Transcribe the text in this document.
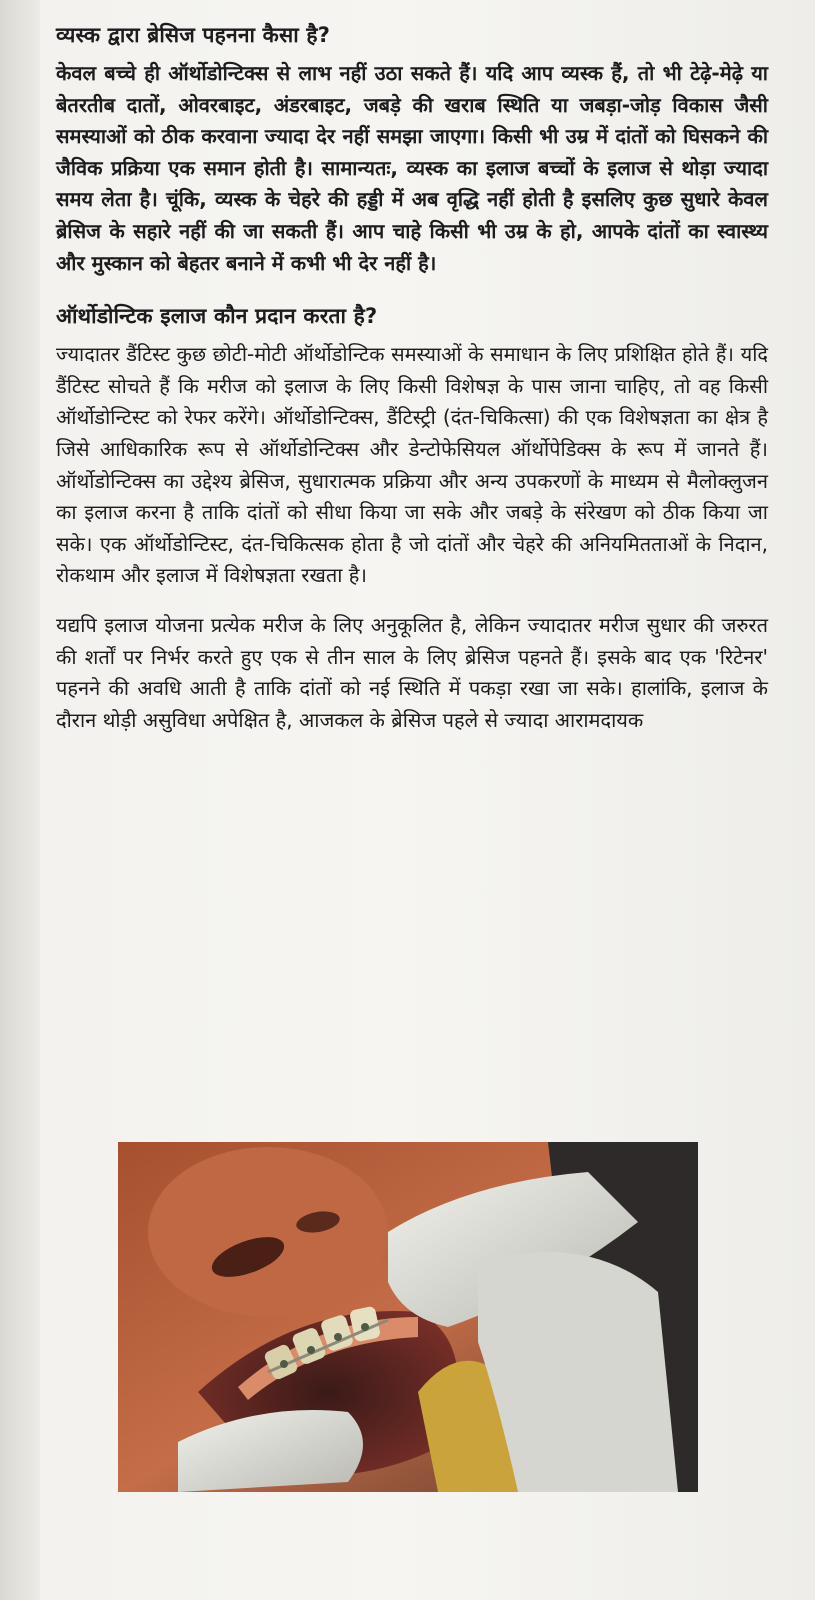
व्यस्क द्वारा ब्रेसिज पहनना कैसा है?

केवल बच्चे ही ऑर्थोडोन्टिक्स से लाभ नहीं उठा सकते हैं। यदि आप व्यस्क हैं, तो भी टेढ़े-मेढ़े या बेतरतीब दातों, ओवरबाइट, अंडरबाइट, जबड़े की खराब स्थिति या जबड़ा-जोड़ विकास जैसी समस्याओं को ठीक करवाना ज्यादा देर नहीं समझा जाएगा। किसी भी उम्र में दांतों को घिसकने की जैविक प्रक्रिया एक समान होती है। सामान्यतः, व्यस्क का इलाज बच्चों के इलाज से थोड़ा ज्यादा समय लेता है। चूंकि, व्यस्क के चेहरे की हड्डी में अब वृद्धि नहीं होती है इसलिए कुछ सुधारे केवल ब्रेसिज के सहारे नहीं की जा सकती हैं। आप चाहे किसी भी उम्र के हो, आपके दांतों का स्वास्थ्य और मुस्कान को बेहतर बनाने में कभी भी देर नहीं है।

ऑर्थोडोन्टिक इलाज कौन प्रदान करता है?

ज्यादातर डैंटिस्ट कुछ छोटी-मोटी ऑर्थोडोन्टिक समस्याओं के समाधान के लिए प्रशिक्षित होते हैं। यदि डैंटिस्ट सोचते हैं कि मरीज को इलाज के लिए किसी विशेषज्ञ के पास जाना चाहिए, तो वह किसी ऑर्थोडोन्टिस्ट को रेफर करेंगे। ऑर्थोडोन्टिक्स, डैंटिस्ट्री (दंत-चिकित्सा) की एक विशेषज्ञता का क्षेत्र है जिसे आधिकारिक रूप से ऑर्थोडोन्टिक्स और डेन्टोफेसियल ऑर्थोपेडिक्स के रूप में जानते हैं। ऑर्थोडोन्टिक्स का उद्देश्य ब्रेसिज, सुधारात्मक प्रक्रिया और अन्य उपकरणों के माध्यम से मैलोक्लुजन का इलाज करना है ताकि दांतों को सीधा किया जा सके और जबड़े के संरेखण को ठीक किया जा सके। एक ऑर्थोडोन्टिस्ट, दंत-चिकित्सक होता है जो दांतों और चेहरे की अनियमितताओं के निदान, रोकथाम और इलाज में विशेषज्ञता रखता है।

यद्यपि इलाज योजना प्रत्येक मरीज के लिए अनुकूलित है, लेकिन ज्यादातर मरीज सुधार की जरुरत की शर्तों पर निर्भर करते हुए एक से तीन साल के लिए ब्रेसिज पहनते हैं। इसके बाद एक 'रिटेनर' पहनने की अवधि आती है ताकि दांतों को नई स्थिति में पकड़ा रखा जा सके। हालांकि, इलाज के दौरान थोड़ी असुविधा अपेक्षित है, आजकल के ब्रेसिज पहले से ज्यादा आरामदायक
